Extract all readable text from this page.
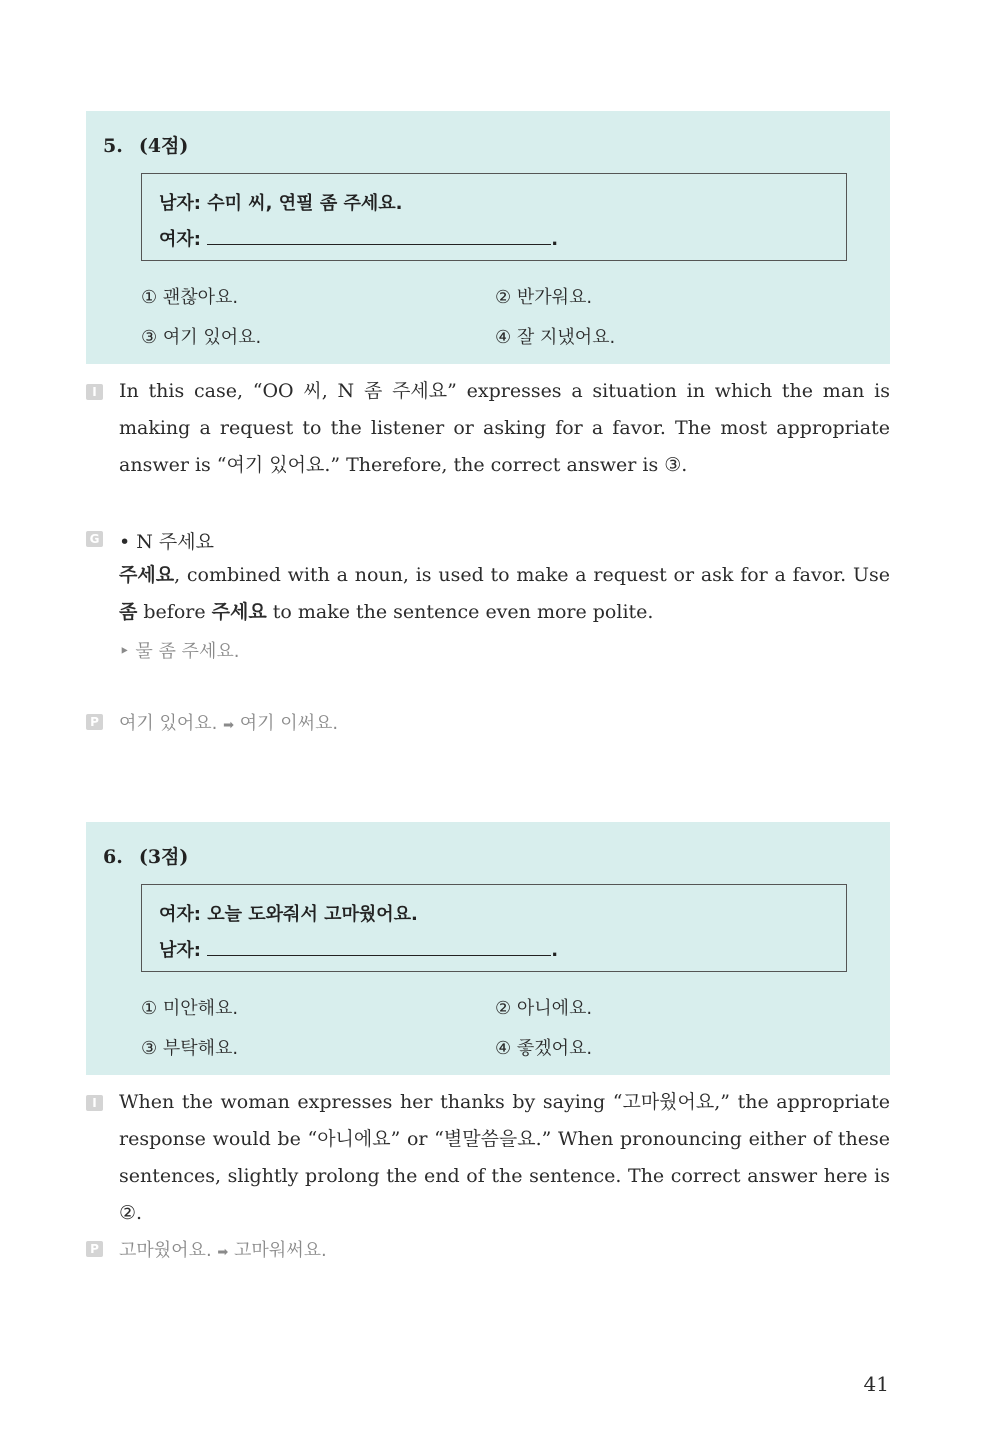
5. (4점)
남자: 수미 씨, 연필 좀 주세요.
여자:	.
① 괜찮아요.	② 반가워요.
③ 여기 있어요.	④ 잘 지냈어요.
I	In this case, “OO 씨, N 좀 주세요” expresses a situation in which the man is making a request to the listener or asking for a favor. The most appropriate answer is “여기 있어요.” Therefore, the correct answer is ③.
G • N 주세요
주세요, combined with a noun, is used to make a request or ask for a favor. Use 좀 before 주세요 to make the sentence even more polite.
‣ 물 좀 주세요.
P 여기 있어요. ➡ 여기 이써요.
6. (3점)
여자: 오늘 도와줘서 고마웠어요.
남자:	.
① 미안해요.	② 아니에요.
③ 부탁해요.	④ 좋겠어요.
I	When the woman expresses her thanks by saying “고마웠어요,” the appropriate response would be “아니에요” or “별말씀을요.” When pronouncing either of these sentences, slightly prolong the end of the sentence. The correct answer here is ②.
P 고마웠어요. ➡ 고마워써요.
41
